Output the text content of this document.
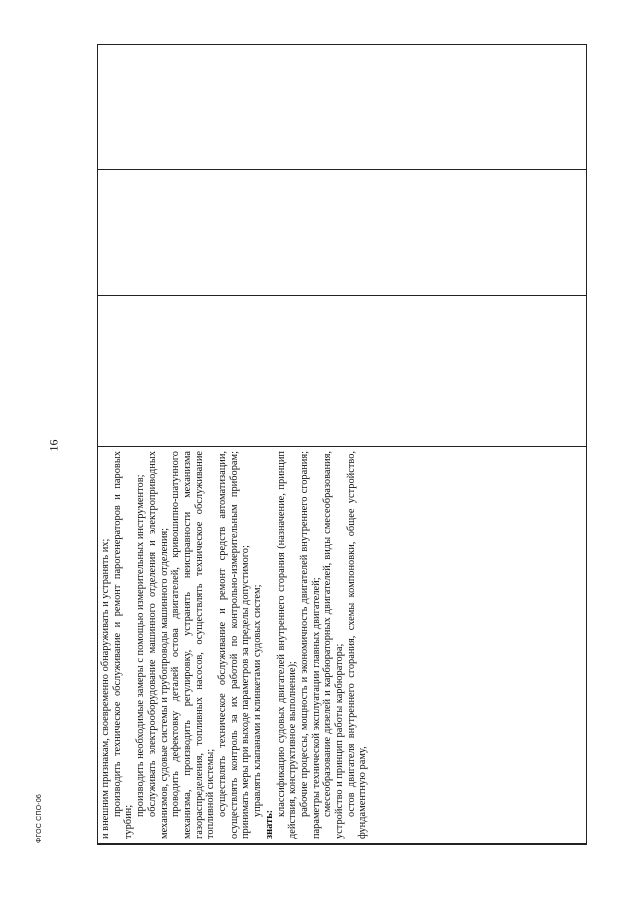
16

и внешним признакам, своевременно обнаруживать и устранять их; производить техническое обслуживание и ремонт парогенераторов и паровых турбин;

производить необходимые замеры с помощью измерительных инструментов; обслуживать электрооборудование машинного отделения и электроприводных механизмов, судовые системы и трубопроводы машинного отделения; проводить дефектовку деталей остова двигателей, кривошипно-шатунного механизма, производить регулировку, устранять неисправности механизма газораспределения, топливных насосов, осуществлять техническое обслуживание топливной системы; осуществлять техническое обслуживание и ремонт средств автоматизации, осуществлять контроль за их работой по контрольно-измерительным приборам; принимать меры при выходе параметров за пределы допустимого; управлять клапанами и клинкетами судовых систем;

знать:

классификацию судовых двигателей внутреннего сгорания (назначение, принцип действия, конструктивное выполнение); рабочие процессы, мощность и экономичность двигателей внутреннего сгорания; параметры технической эксплуатации главных двигателей; смесеобразование дизелей и карбюраторных двигателей, виды смесеобразования, устройство и принцип работы карбюратора; остов двигателя внутреннего сгорания, схемы компоновки, общее устройство, фундаментную раму,

ФГОС СПО-06
